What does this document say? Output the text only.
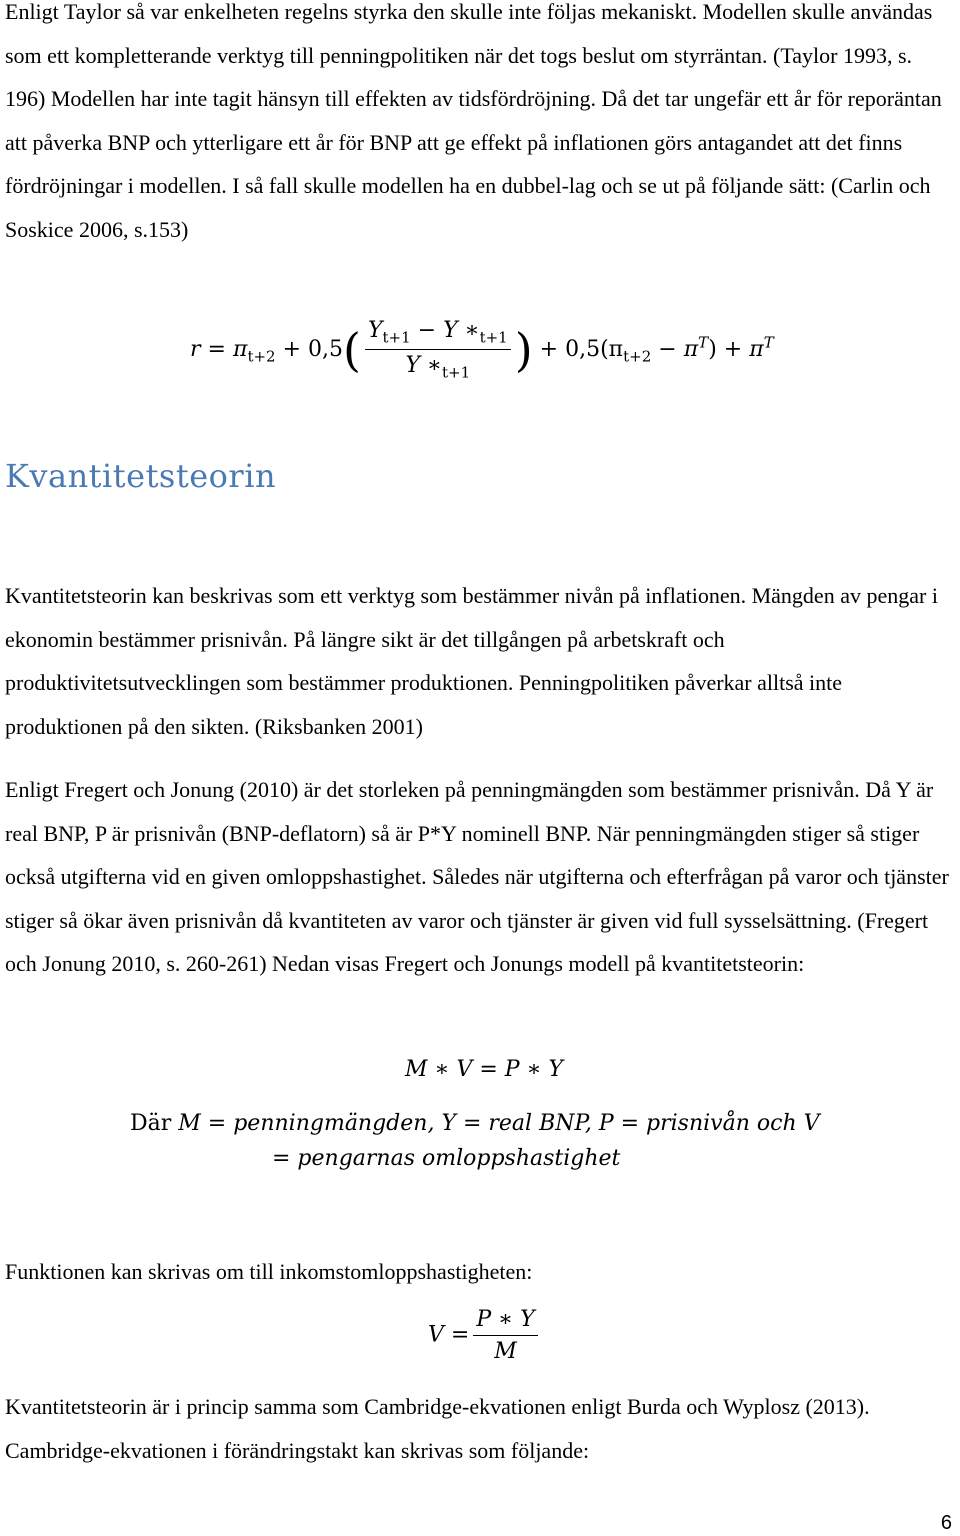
Enligt Taylor så var enkelheten regelns styrka den skulle inte följas mekaniskt. Modellen skulle användas som ett kompletterande verktyg till penningpolitiken när det togs beslut om styrräntan. (Taylor 1993, s. 196) Modellen har inte tagit hänsyn till effekten av tidsfördröjning. Då det tar ungefär ett år för reporäntan att påverka BNP och ytterligare ett år för BNP att ge effekt på inflationen görs antagandet att det finns fördröjningar i modellen. I så fall skulle modellen ha en dubbel-lag och se ut på följande sätt: (Carlin och Soskice 2006, s.153)

$r = \pi_{t+2} + 0,5( \frac{Y_{t+1} - Y ∗_{t+1}}{Y ∗_{t+1}}$ ) + $0,5(\pi_{t+2} - \pi^T) + \pi^T$
Kvantitetsteorin

Kvantitetsteorin kan beskrivas som ett verktyg som bestämmer nivån på inflationen. Mängden av pengar i ekonomin bestämmer prisnivån. På längre sikt är det tillgången på arbetskraft och produktivitetsutvecklingen som bestämmer produktionen. Penningpolitiken påverkar alltså inte produktionen på den sikten. (Riksbanken 2001)

Enligt Fregert och Jonung (2010) är det storleken på penningmängden som bestämmer prisnivån. Då Y är real BNP, P är prisnivån (BNP-deflatorn) så är P*Y nominell BNP. När penningmängden stiger så stiger också utgifterna vid en given omloppshastighet. Således när utgifterna och efterfrågan på varor och tjänster stiger så ökar även prisnivån då kvantiteten av varor och tjänster är given vid full sysselsättning. (Fregert och Jonung 2010, s. 260-261) Nedan visas Fregert och Jonungs modell på kvantitetsteorin:

M ∗ V = P ∗ Y
Där M = penningmängden, Y = real BNP, P = prisnivån och V
= pengarnas omloppshastighet

Funktionen kan skrivas om till inkomstomloppshastigheten:

$V = \frac{P ∗ Y}{M}$

Kvantitetsteorin är i princip samma som Cambridge-ekvationen enligt Burda och Wyplosz (2013). Cambridge-ekvationen i förändringstakt kan skrivas som följande:

6
